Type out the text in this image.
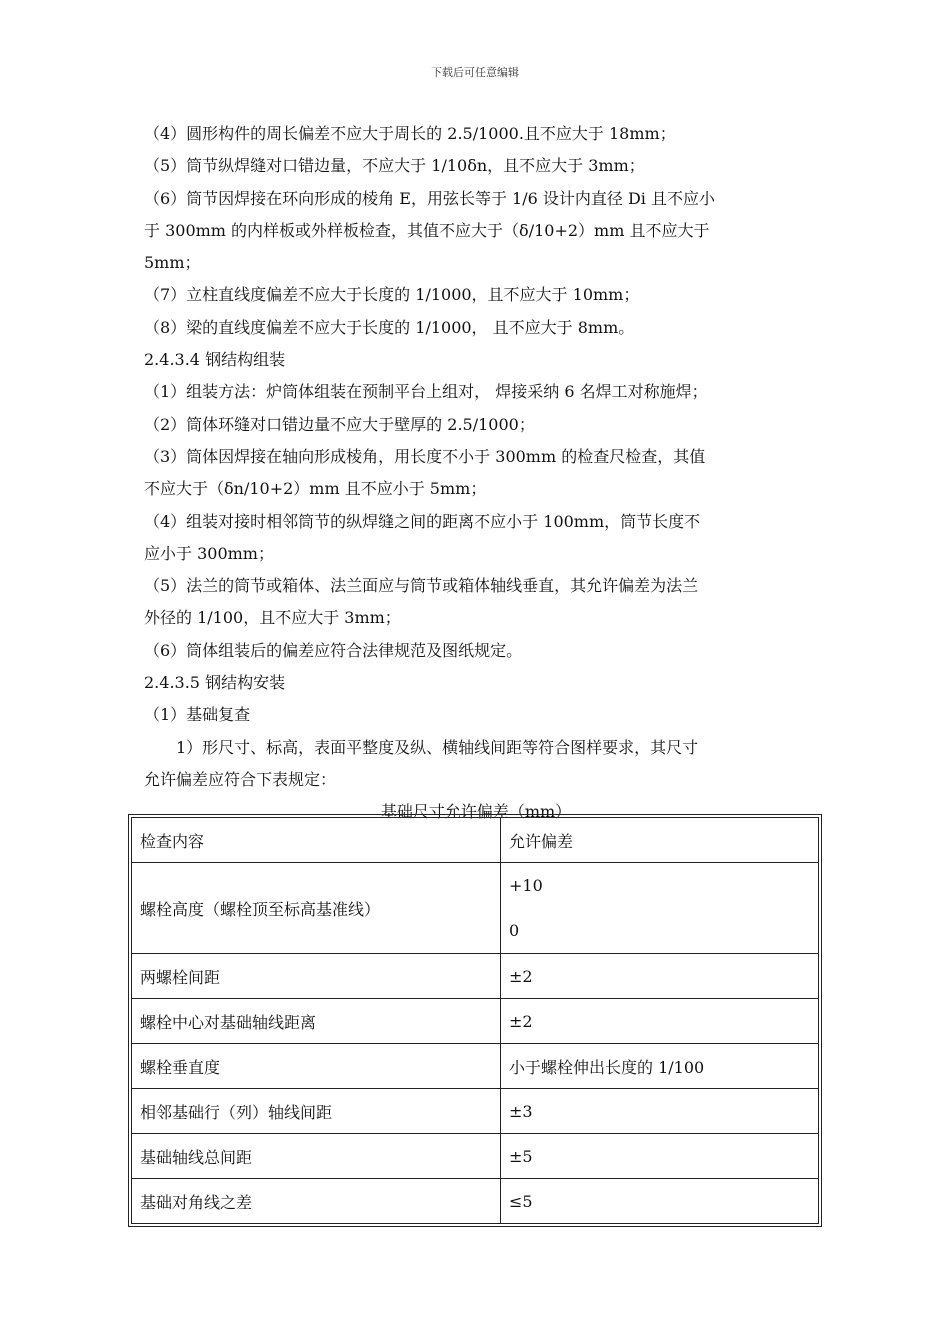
下载后可任意编辑

（4）圆形构件的周长偏差不应大于周长的 2.5/1000.且不应大于 18mm；

（5）筒节纵焊缝对口错边量，不应大于 1/10δn，且不应大于 3mm；

（6）筒节因焊接在环向形成的棱角 E，用弦长等于 1/6 设计内直径 Di 且不应小

于 300mm 的内样板或外样板检查，其值不应大于（δ/10+2）mm 且不应大于

5mm；

（7）立柱直线度偏差不应大于长度的 1/1000，且不应大于 10mm；

（8）梁的直线度偏差不应大于长度的 1/1000， 且不应大于 8mm。

2.4.3.4 钢结构组装

（1）组装方法：炉筒体组装在预制平台上组对， 焊接采纳 6 名焊工对称施焊；

（2）筒体环缝对口错边量不应大于壁厚的 2.5/1000；

（3）筒体因焊接在轴向形成棱角，用长度不小于 300mm 的检查尺检查，其值

不应大于（δn/10+2）mm 且不应小于 5mm；

（4）组装对接时相邻筒节的纵焊缝之间的距离不应小于 100mm，筒节长度不

应小于 300mm；

（5）法兰的筒节或箱体、法兰面应与筒节或箱体轴线垂直，其允许偏差为法兰

外径的 1/100，且不应大于 3mm；

（6）筒体组装后的偏差应符合法律规范及图纸规定。

2.4.3.5 钢结构安装

（1）基础复查

1）形尺寸、标高，表面平整度及纵、横轴线间距等符合图样要求，其尺寸

允许偏差应符合下表规定：

基础尺寸允许偏差（mm）

检查内容	允许偏差
螺栓高度（螺栓顶至标高基准线）	+10
0

两螺栓间距	±2
螺栓中心对基础轴线距离	±2
螺栓垂直度	小于螺栓伸出长度的 1/100
相邻基础行（列）轴线间距	±3
基础轴线总间距	±5
基础对角线之差	≤5
